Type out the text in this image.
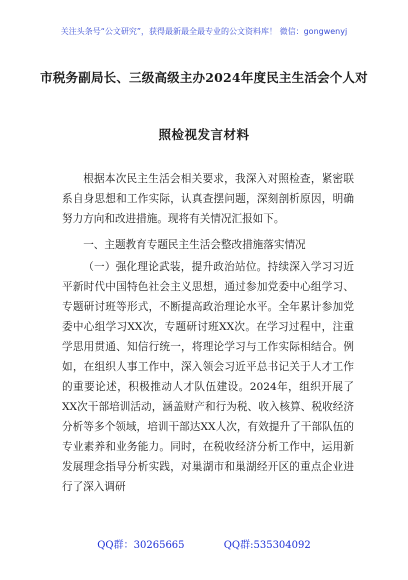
关注头条号“公文研究”，获得最新最全最专业的公文资料库！ 微信：gongwenyj
市税务副局长、三级高级主办2024年度民主生活会个人对
照检视发言材料

根据本次民主生活会相关要求，我深入对照检查，紧密联系自身思想和工作实际，认真查摆问题，深刻剖析原因，明确努力方向和改进措施。现将有关情况汇报如下。

一、主题教育专题民主生活会整改措施落实情况

（一）强化理论武装，提升政治站位。持续深入学习习近平新时代中国特色社会主义思想，通过参加党委中心组学习、专题研讨班等形式，不断提高政治理论水平。全年累计参加党委中心组学习XX次，专题研讨班XX次。在学习过程中，注重学思用贯通、知信行统一，将理论学习与工作实际相结合。例如，在组织人事工作中，深入领会习近平总书记关于人才工作的重要论述，积极推动人才队伍建设。2024年，组织开展了XX次干部培训活动，涵盖财产和行为税、收入核算、税收经济分析等多个领域，培训干部达XX人次，有效提升了干部队伍的专业素养和业务能力。同时，在税收经济分析工作中，运用新发展理念指导分析实践，对巢湖市和巢湖经开区的重点企业进行了深入调研

QQ群：30265665	QQ群:535304092
